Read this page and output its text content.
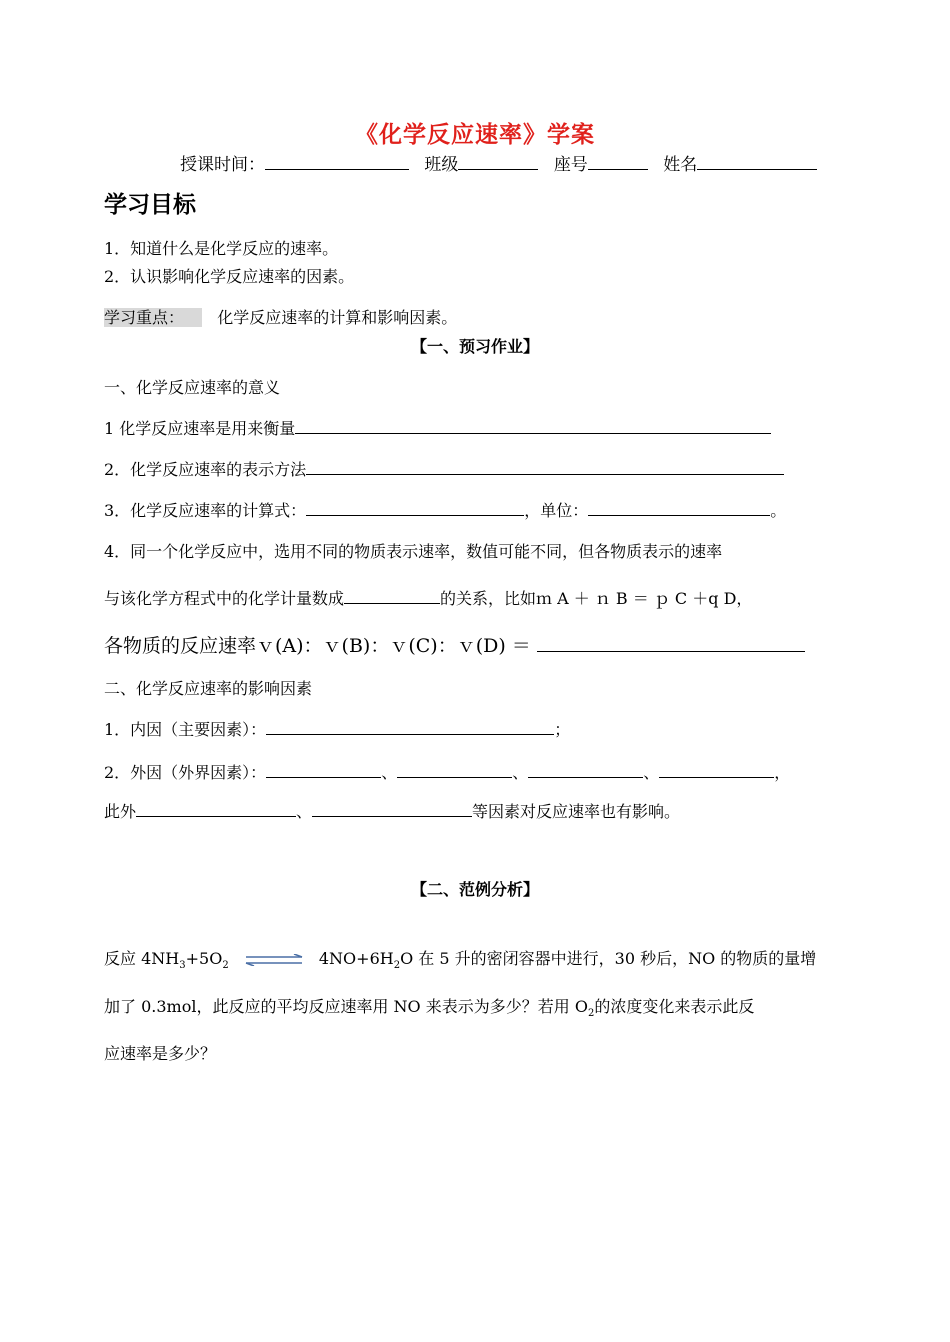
《化学反应速率》学案
授课时间：	班级	座号	姓名
学习目标
1．知道什么是化学反应的速率。
2．认识影响化学反应速率的因素。
学习重点： 化学反应速率的计算和影响因素。
【一、预习作业】
一、化学反应速率的意义
1 化学反应速率是用来衡量
2．化学反应速率的表示方法
3．化学反应速率的计算式：	，单位：	。
4．同一个化学反应中，选用不同的物质表示速率，数值可能不同，但各物质表示的速率
与该化学方程式中的化学计量数成	的关系，比如ｍ A ＋ ｎ B ＝ ｐ C ＋q D，
各物质的反应速率ｖ(A)：ｖ(B)：ｖ(C)：ｖ(D) ＝
二、化学反应速率的影响因素
1．内因（主要因素）：	；
2．外因（外界因素）：	、	、	、	，
此外	、	等因素对反应速率也有影响。
【二、范例分析】
反应 $4NH_3+5O_2$ ⇌ $4NO+6H_2O$ 在 5 升的密闭容器中进行，30 秒后，NO 的物质的量增
加了 0.3mol，此反应的平均反应速率用 NO 来表示为多少？若用 $O_2$的浓度变化来表示此反
应速率是多少？
